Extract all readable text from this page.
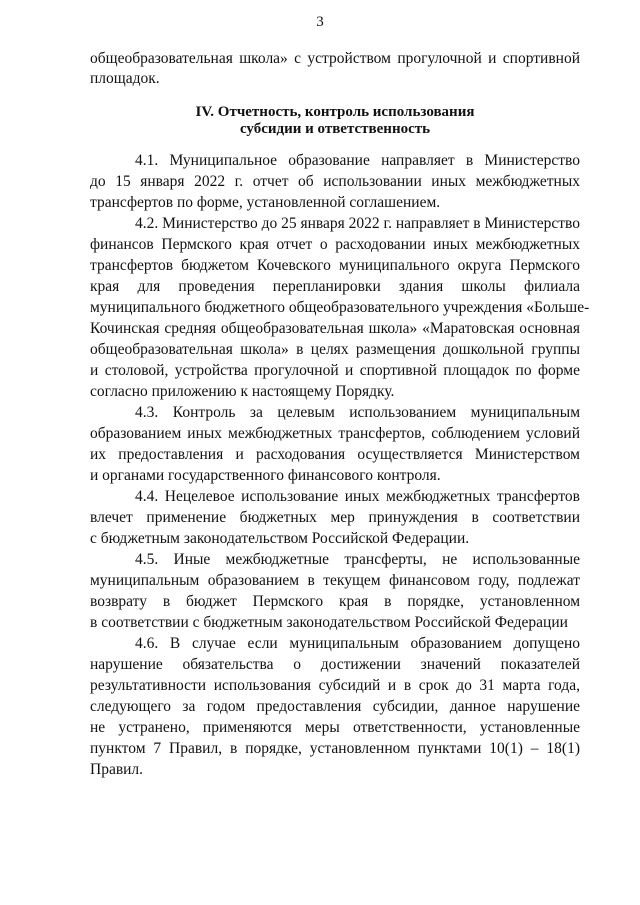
3
общеобразовательная школа» с устройством прогулочной и спортивной
площадок.
IV. Отчетность, контроль использования
субсидии и ответственность
4.1. Муниципальное образование направляет в Министерство
до 15 января 2022 г. отчет об использовании иных межбюджетных
трансфертов по форме, установленной соглашением.
4.2. Министерство до 25 января 2022 г. направляет в Министерство
финансов Пермского края отчет о расходовании иных межбюджетных
трансфертов бюджетом Кочевского муниципального округа Пермского
края для проведения перепланировки здания школы филиала
муниципального бюджетного общеобразовательного учреждения «Больше-
Кочинская средняя общеобразовательная школа» «Маратовская основная
общеобразовательная школа» в целях размещения дошкольной группы
и столовой, устройства прогулочной и спортивной площадок по форме
согласно приложению к настоящему Порядку.
4.3. Контроль за целевым использованием муниципальным
образованием иных межбюджетных трансфертов, соблюдением условий
их предоставления и расходования осуществляется Министерством
и органами государственного финансового контроля.
4.4. Нецелевое использование иных межбюджетных трансфертов
влечет применение бюджетных мер принуждения в соответствии
с бюджетным законодательством Российской Федерации.
4.5. Иные межбюджетные трансферты, не использованные
муниципальным образованием в текущем финансовом году, подлежат
возврату в бюджет Пермского края в порядке, установленном
в соответствии с бюджетным законодательством Российской Федерации
4.6. В случае если муниципальным образованием допущено
нарушение обязательства о достижении значений показателей
результативности использования субсидий и в срок до 31 марта года,
следующего за годом предоставления субсидии, данное нарушение
не устранено, применяются меры ответственности, установленные
пунктом 7 Правил, в порядке, установленном пунктами 10(1) – 18(1)
Правил.
